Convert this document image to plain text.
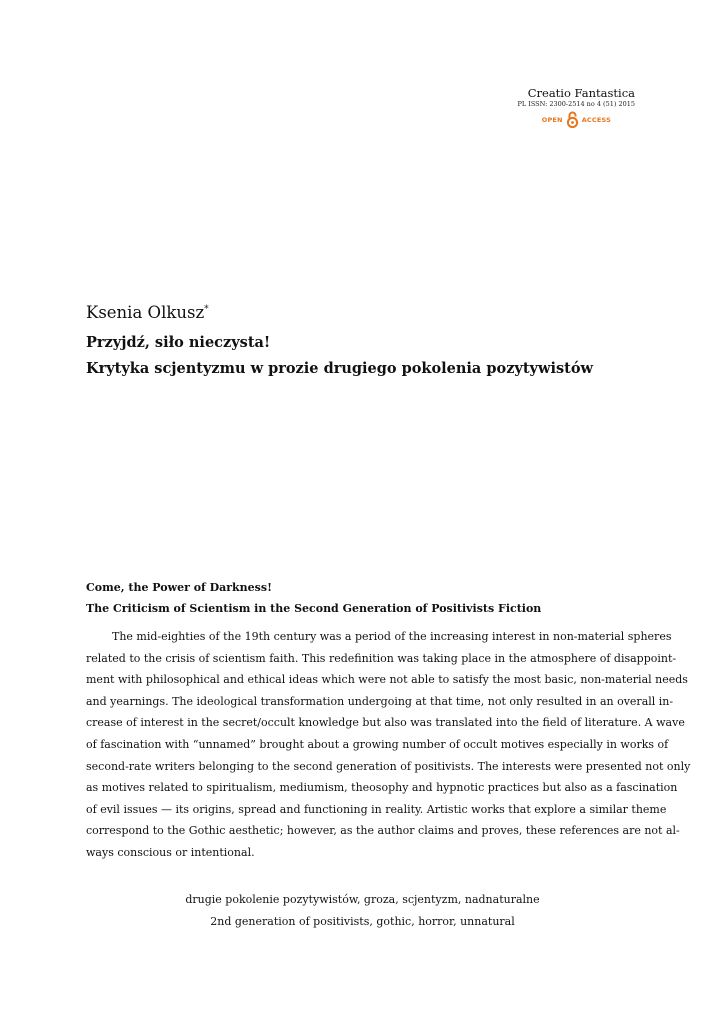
Creatio Fantastica
PL ISSN: 2300-2514 no 4 (51) 2015
OPEN	ACCESS
Ksenia Olkusz*
Przyjdź, siło nieczysta!
Krytyka scjentyzmu w prozie drugiego pokolenia pozytywistów
Come, the Power of Darkness!
The Criticism of Scientism in the Second Generation of Positivists Fiction
The mid-eighties of the 19th century was a period of the increasing interest in non-material spheres
related to the crisis of scientism faith. This redefinition was taking place in the atmosphere of disappoint-
ment with philosophical and ethical ideas which were not able to satisfy the most basic, non-material needs
and yearnings. The ideological transformation undergoing at that time, not only resulted in an overall in-
crease of interest in the secret/occult knowledge but also was translated into the field of literature. A wave
of fascination with “unnamed” brought about a growing number of occult motives especially in works of
second-rate writers belonging to the second generation of positivists. The interests were presented not only
as motives related to spiritualism, mediumism, theosophy and hypnotic practices but also as a fascination
of evil issues — its origins, spread and functioning in reality. Artistic works that explore a similar theme
correspond to the Gothic aesthetic; however, as the author claims and proves, these references are not al-
ways conscious or intentional.
drugie pokolenie pozytywistów, groza, scjentyzm, nadnaturalne
2nd generation of positivists, gothic, horror, unnatural
